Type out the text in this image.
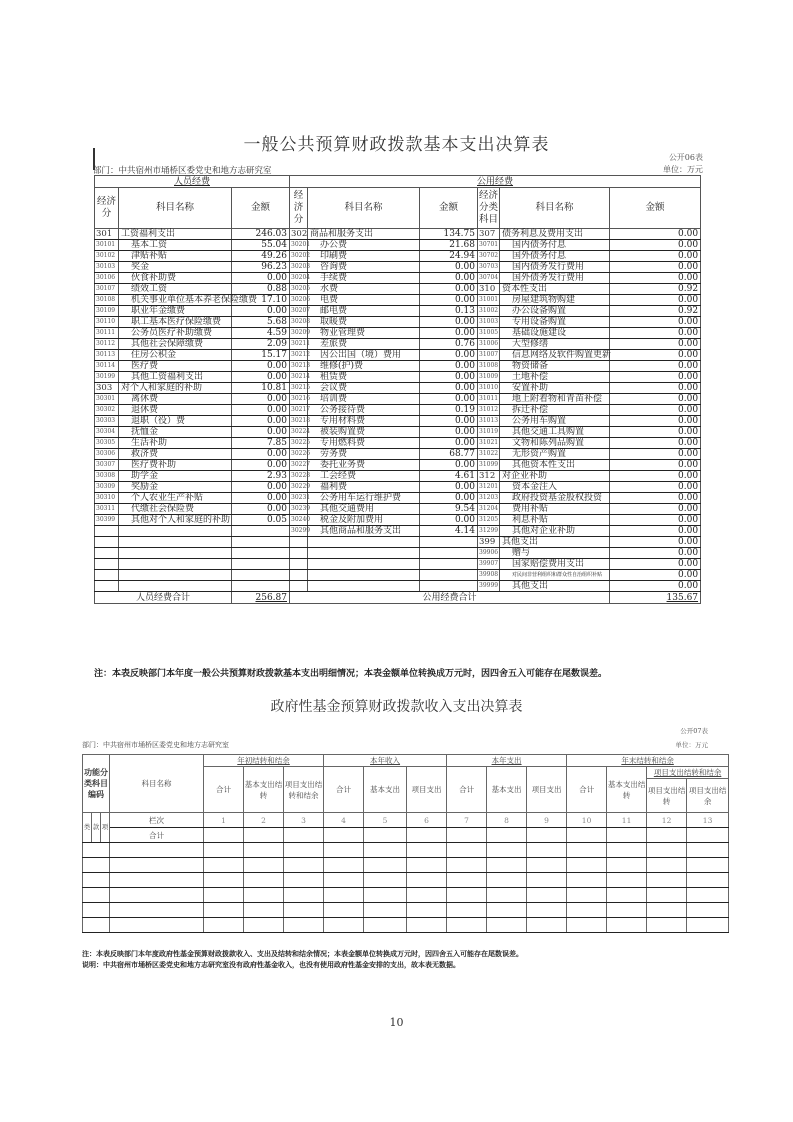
一般公共预算财政拨款基本支出决算表
公开06表
部门：中共宿州市埇桥区委党史和地方志研究室	单位：万元
人员经费			公用经费					
经济分	科目名称	金额	经济分	科目名称	金额	经济分类科目	科目名称	金额
301	工资福利支出	246.03	302	商品和服务支出	134.75	307	债务利息及费用支出	0.00
30101	基本工资	55.04	30201	办公费	21.68	30701	国内债务付息	0.00
30102	津贴补贴	49.26	30202	印刷费	24.94	30702	国外债务付息	0.00
30103	奖金	96.23	30203	咨询费	0.00	30703	国内债务发行费用	0.00
30106	伙食补助费	0.00	30204	手续费	0.00	30704	国外债务发行费用	0.00
30107	绩效工资	0.88	30205	水费	0.00	310	资本性支出	0.92
30108	机关事业单位基本养老保险缴费	17.10	30206	电费	0.00	31001	房屋建筑物购建	0.00
30109	职业年金缴费	0.00	30207	邮电费	0.13	31002	办公设备购置	0.92
30110	职工基本医疗保险缴费	5.68	30208	取暖费	0.00	31003	专用设备购置	0.00
30111	公务员医疗补助缴费	4.59	30209	物业管理费	0.00	31005	基础设施建设	0.00
30112	其他社会保障缴费	2.09	30211	差旅费	0.76	31006	大型修缮	0.00
30113	住房公积金	15.17	30212	因公出国（境）费用	0.00	31007	信息网络及软件购置更新	0.00
30114	医疗费	0.00	30213	维修(护)费	0.00	31008	物资储备	0.00
30199	其他工资福利支出	0.00	30214	租赁费	0.00	31009	土地补偿	0.00
303	对个人和家庭的补助	10.81	30215	会议费	0.00	31010	安置补助	0.00
30301	离休费	0.00	30216	培训费	0.00	31011	地上附着物和青苗补偿	0.00
30302	退休费	0.00	30217	公务接待费	0.19	31012	拆迁补偿	0.00
30303	退职（役）费	0.00	30218	专用材料费	0.00	31013	公务用车购置	0.00
30304	抚恤金	0.00	30224	被装购置费	0.00	31019	其他交通工具购置	0.00
30305	生活补助	7.85	30225	专用燃料费	0.00	31021	文物和陈列品购置	0.00
30306	救济费	0.00	30226	劳务费	68.77	31022	无形资产购置	0.00
30307	医疗费补助	0.00	30227	委托业务费	0.00	31099	其他资本性支出	0.00
30308	助学金	2.93	30228	工会经费	4.61	312	对企业补助	0.00
30309	奖励金	0.00	30229	福利费	0.00	31201	资本金注入	0.00
30310	个人农业生产补贴	0.00	30231	公务用车运行维护费	0.00	31203	政府投资基金股权投资	0.00
30311	代缴社会保险费	0.00	30239	其他交通费用	9.54	31204	费用补贴	0.00
30399	其他对个人和家庭的补助	0.05	30240	税金及附加费用	0.00	31205	利息补贴	0.00
			30299	其他商品和服务支出	4.14	31299	其他对企业补助	0.00
						399	其他支出	0.00
						39906	赠与	0.00
						39907	国家赔偿费用支出	0.00
						39908	对民间非营利组织和群众性自治组织补贴	0.00
						39999	其他支出	0.00
人员经费合计		256.87	公用经费合计					135.67
注：本表反映部门本年度一般公共预算财政拨款基本支出明细情况；本表金额单位转换成万元时，因四舍五入可能存在尾数误差。
政府性基金预算财政拨款收入支出决算表
公开07表
部门：中共宿州市埇桥区委党史和地方志研究室	单位：万元
功能分类科目编码			科目名称	年初结转和结余			本年收入			本年支出			年末结转和结余			
				合计	基本支出结转	项目支出结转和结余	合计	基本支出	项目支出	合计	基本支出	项目支出	合计	基本支出结转	项目支出结转和结余	
															项目支出结转	项目支出结余
类	款	项	栏次	1	2	3	4	5	6	7	8	9	10	11	12	13
			合计													

注：本表反映部门本年度政府性基金预算财政拨款收入、支出及结转和结余情况；本表金额单位转换成万元时，因四舍五入可能存在尾数误差。
说明：中共宿州市埇桥区委党史和地方志研究室没有政府性基金收入，也没有使用政府性基金安排的支出，故本表无数据。
10
